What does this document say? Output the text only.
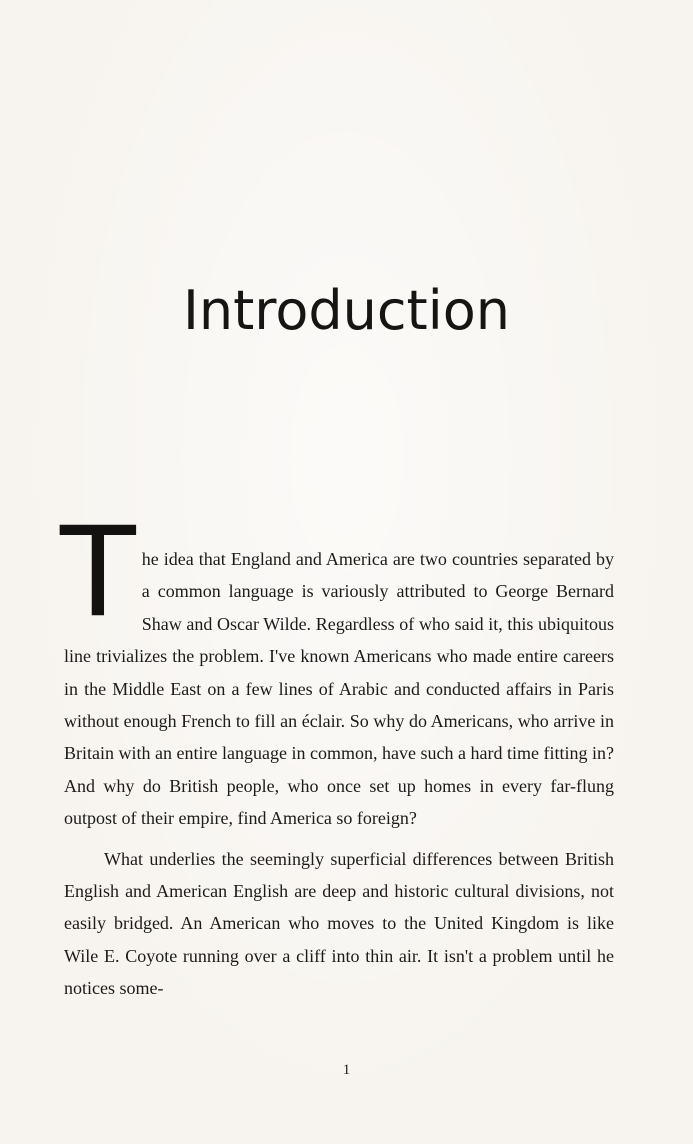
Introduction

The idea that England and America are two countries separated by a common language is variously attributed to George Bernard Shaw and Oscar Wilde. Regardless of who said it, this ubiquitous line trivializes the problem. I've known Americans who made entire careers in the Middle East on a few lines of Arabic and conducted affairs in Paris without enough French to fill an éclair. So why do Americans, who arrive in Britain with an entire language in common, have such a hard time fitting in? And why do British people, who once set up homes in every far-flung outpost of their empire, find America so foreign?

What underlies the seemingly superficial differences between British English and American English are deep and historic cultural divisions, not easily bridged. An American who moves to the United Kingdom is like Wile E. Coyote running over a cliff into thin air. It isn't a problem until he notices some-

1
